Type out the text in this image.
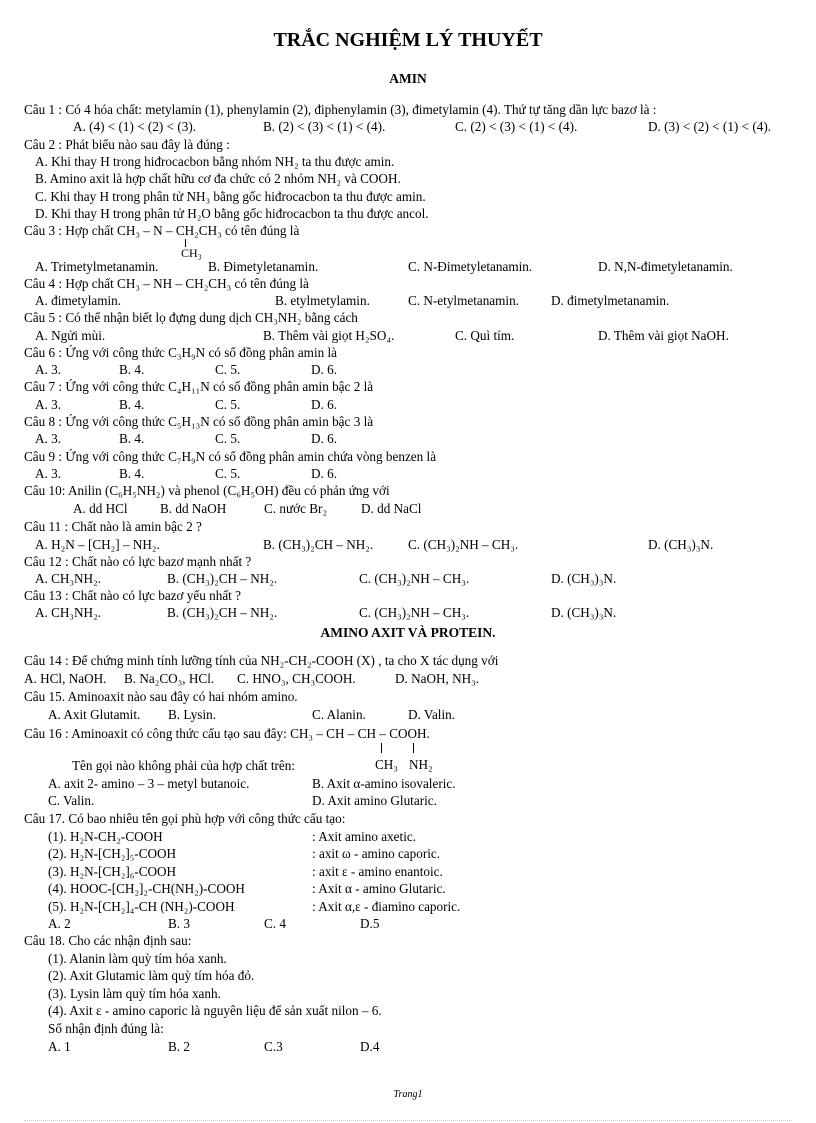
TRẮC NGHIỆM LÝ THUYẾT
AMIN
Câu 1 : Có 4 hóa chất: metylamin (1), phenylamin (2), điphenylamin (3), đimetylamin (4). Thứ tự tăng dần lực bazơ là :
A. (4) < (1) < (2) < (3).	B. (2) < (3) < (1) < (4).	C. (2) < (3) < (1) < (4).	D. (3) < (2) < (1) < (4).
Câu 2 : Phát biểu nào sau đây là đúng :
A. Khi thay H trong hiđrocacbon bằng nhóm NH₂ ta thu được amin.
B. Amino axit là hợp chất hữu cơ đa chức có 2 nhóm NH₂ và COOH.
C. Khi thay H trong phân tử NH₃ bằng gốc hiđrocacbon ta thu được amin.
D. Khi thay H trong phân tử H₂O bằng gốc hiđrocacbon ta thu được ancol.
Câu 3 : Hợp chất CH₃ – N – CH₂CH₃ có tên đúng là
CH₃
A. Trimetylmetanamin.	B. Đimetyletanamin.	C. N-Đimetyletanamin.	D. N,N-đimetyletanamin.
Câu 4 : Hợp chất CH₃ – NH – CH₂CH₃ có tên đúng là
A. đimetylamin.	B. etylmetylamin.	C. N-etylmetanamin. D. đimetylmetanamin.
Câu 5 : Có thể nhận biết lọ đựng dung dịch CH₃NH₂ bằng cách
A. Ngửi mùi.	B. Thêm vài giọt H₂SO₄.	C. Quì tím.	D. Thêm vài giọt NaOH.
Câu 6 : Ứng với công thức C₃H₉N có số đồng phân amin là
A. 3.	B. 4.	C. 5.	D. 6.
Câu 7 : Ứng với công thức C₄H₁₁N có số đồng phân amin bậc 2 là
A. 3.	B. 4.	C. 5.	D. 6.
Câu 8 : Ứng với công thức C₅H₁₃N có số đồng phân amin bậc 3 là
A. 3.	B. 4.	C. 5.	D. 6.
Câu 9 : Ứng với công thức C₇H₉N có số đồng phân amin chứa vòng benzen là
A. 3.	B. 4.	C. 5.	D. 6.
Câu 10: Anilin (C₆H₅NH₂) và phenol (C₆H₅OH) đều có phản ứng với
A. dd HCl B. dd NaOH	C. nước Br₂	D. dd NaCl
Câu 11 : Chất nào là amin bậc 2 ?
A. H₂N – [CH₂] – NH₂.	B. (CH₃)₂CH – NH₂.	C. (CH₃)₂NH – CH₃.	D. (CH₃)₃N.
Câu 12 : Chất nào có lực bazơ mạnh nhất ?
A. CH₃NH₂.	B. (CH₃)₂CH – NH₂.	C. (CH₃)₂NH – CH₃.	D. (CH₃)₃N.
Câu 13 : Chất nào có lực bazơ yếu nhất ?
A. CH₃NH₂.	B. (CH₃)₂CH – NH₂.	C. (CH₃)₂NH – CH₃.	D. (CH₃)₃N.
AMINO AXIT VÀ PROTEIN.
Câu 14 : Để chứng minh tính lưỡng tính của NH₂-CH₂-COOH (X) , ta cho X tác dụng với
A. HCl, NaOH. B. Na₂CO₃, HCl. C. HNO₃, CH₃COOH.	D. NaOH, NH₃.
Câu 15. Aminoaxit nào sau đây có hai nhóm amino.
A. Axit Glutamit. B. Lysin.	C. Alanin.	D. Valin.
Câu 16 : Aminoaxit có công thức cấu tạo sau đây: CH₃ – CH – CH – COOH.
CH₃ NH₂
Tên gọi nào không phải của hợp chất trên:
A. axit 2- amino – 3 – metyl butanoic.	B. Axit α-amino isovaleric.
C. Valin.	D. Axit amino Glutaric.
Câu 17. Có bao nhiêu tên gọi phù hợp với công thức cấu tạo:
(1). H₂N-CH₂-COOH	: Axit amino axetic.
(2). H₂N-[CH₂]₅-COOH	: axit ω - amino caporic.
(3). H₂N-[CH₂]₆-COOH	: axit ε - amino enantoic.
(4). HOOC-[CH₂]₂-CH(NH₂)-COOH	: Axit α - amino Glutaric.
(5). H₂N-[CH₂]₄-CH (NH₂)-COOH	: Axit α,ε - điamino caporic.
A. 2	B. 3	C. 4	D.5
Câu 18. Cho các nhận định sau:
(1). Alanin làm quỳ tím hóa xanh.
(2). Axit Glutamic làm quỳ tím hóa đỏ.
(3). Lysin làm quỳ tím hóa xanh.
(4). Axit ε - amino caporic là nguyên liệu để sản xuất nilon – 6.
Số nhận định đúng là:
A. 1	B. 2	C.3	D.4
Trang1
